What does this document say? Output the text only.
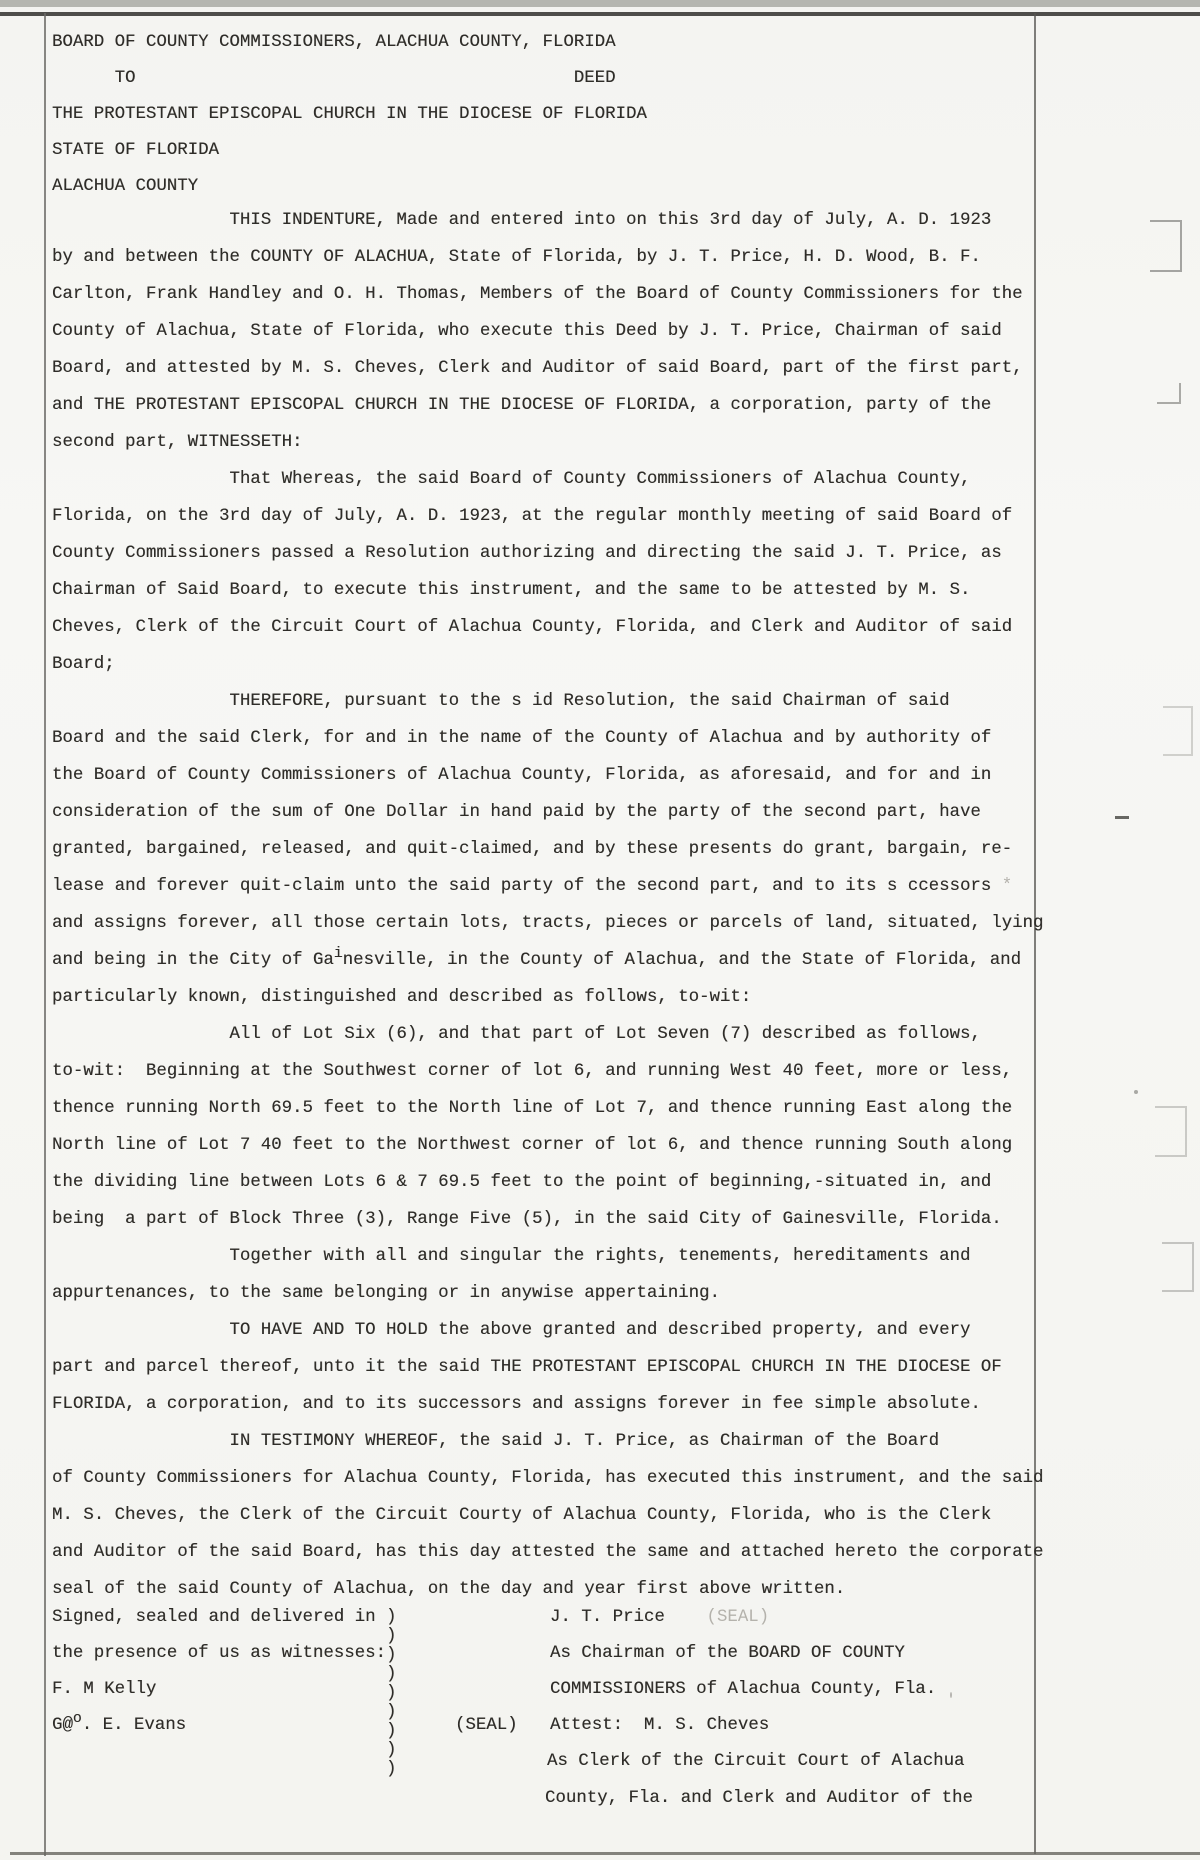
BOARD OF COUNTY COMMISSIONERS, ALACHUA COUNTY, FLORIDA
TO                                          DEED
THE PROTESTANT EPISCOPAL CHURCH IN THE DIOCESE OF FLORIDA
STATE OF FLORIDA
ALACHUA COUNTY
THIS INDENTURE, Made and entered into on this 3rd day of July, A. D. 1923
by and between the COUNTY OF ALACHUA, State of Florida, by J. T. Price, H. D. Wood, B. F.
Carlton, Frank Handley and O. H. Thomas, Members of the Board of County Commissioners for the
County of Alachua, State of Florida, who execute this Deed by J. T. Price, Chairman of said
Board, and attested by M. S. Cheves, Clerk and Auditor of said Board, part of the first part,
and THE PROTESTANT EPISCOPAL CHURCH IN THE DIOCESE OF FLORIDA, a corporation, party of the
second part, WITNESSETH:
That Whereas, the said Board of County Commissioners of Alachua County,
Florida, on the 3rd day of July, A. D. 1923, at the regular monthly meeting of said Board of
County Commissioners passed a Resolution authorizing and directing the said J. T. Price, as
Chairman of Said Board, to execute this instrument, and the same to be attested by M. S.
Cheves, Clerk of the Circuit Court of Alachua County, Florida, and Clerk and Auditor of said
Board;
THEREFORE, pursuant to the s id Resolution, the said Chairman of said
Board and the said Clerk, for and in the name of the County of Alachua and by authority of
the Board of County Commissioners of Alachua County, Florida, as aforesaid, and for and in
consideration of the sum of One Dollar in hand paid by the party of the second part, have
granted, bargained, released, and quit-claimed, and by these presents do grant, bargain, re-
lease and forever quit-claim unto the said party of the second part, and to its s ccessors *
and assigns forever, all those certain lots, tracts, pieces or parcels of land, situated, lying
and being in the City of Gainesville, in the County of Alachua, and the State of Florida, and
particularly known, distinguished and described as follows, to-wit:
All of Lot Six (6), and that part of Lot Seven (7) described as follows,
to-wit:  Beginning at the Southwest corner of lot 6, and running West 40 feet, more or less,
thence running North 69.5 feet to the North line of Lot 7, and thence running East along the
North line of Lot 7 40 feet to the Northwest corner of lot 6, and thence running South along
the dividing line between Lots 6 & 7 69.5 feet to the point of beginning,-situated in, and
being  a part of Block Three (3), Range Five (5), in the said City of Gainesville, Florida.
Together with all and singular the rights, tenements, hereditaments and
appurtenances, to the same belonging or in anywise appertaining.
TO HAVE AND TO HOLD the above granted and described property, and every
part and parcel thereof, unto it the said THE PROTESTANT EPISCOPAL CHURCH IN THE DIOCESE OF
FLORIDA, a corporation, and to its successors and assigns forever in fee simple absolute.
IN TESTIMONY WHEREOF, the said J. T. Price, as Chairman of the Board
of County Commissioners for Alachua County, Florida, has executed this instrument, and the said
M. S. Cheves, the Clerk of the Circuit Courty of Alachua County, Florida, who is the Clerk
and Auditor of the said Board, has this day attested the same and attached hereto the corporate
seal of the said County of Alachua, on the day and year first above written.
Signed, sealed and delivered in
the presence of us as witnesses:
F. M Kelly
G@o. E. Evans
)
)
)
)
)
)
)
)
)
(SEAL)
J. T. Price    (SEAL)
As Chairman of the BOARD OF COUNTY
COMMISSIONERS of Alachua County, Fla.
Attest:  M. S. Cheves
As Clerk of the Circuit Court of Alachua
County, Fla. and Clerk and Auditor of the
